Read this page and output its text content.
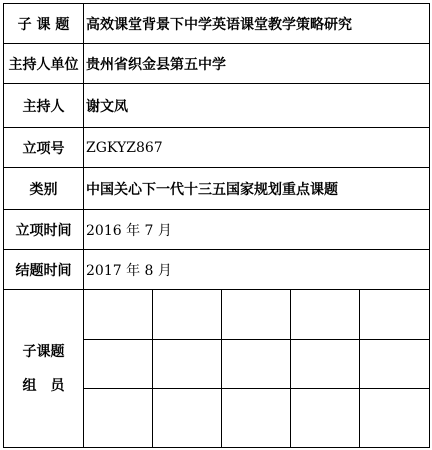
子 课 题	高效课堂背景下中学英语课堂教学策略研究				
主持人单位	贵州省织金县第五中学				
主持人	谢文凤				
立项号	ZGKYZ867				
类别	中国关心下一代十三五国家规划重点课题				
立项时间	2016 年 7 月				
结题时间	2017 年 8 月				

子课题
组　员					
